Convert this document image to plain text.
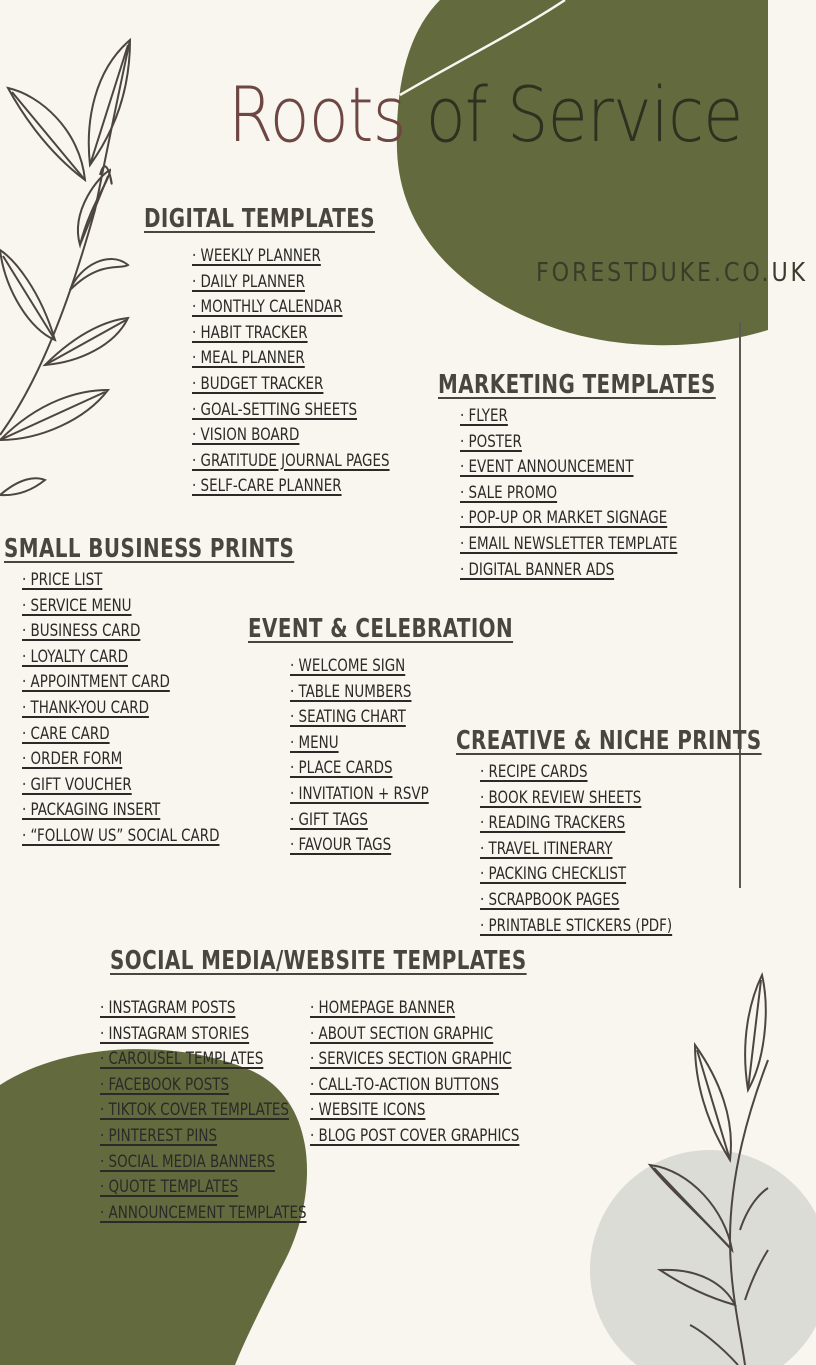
Roots of Service
FORESTDUKE.CO.UK
DIGITAL TEMPLATES
· WEEKLY PLANNER
· DAILY PLANNER
· MONTHLY CALENDAR
· HABIT TRACKER
· MEAL PLANNER
· BUDGET TRACKER
· GOAL-SETTING SHEETS
· VISION BOARD
· GRATITUDE JOURNAL PAGES
· SELF-CARE PLANNER
MARKETING TEMPLATES
· FLYER
· POSTER
· EVENT ANNOUNCEMENT
· SALE PROMO
· POP-UP OR MARKET SIGNAGE
· EMAIL NEWSLETTER TEMPLATE
· DIGITAL BANNER ADS
SMALL BUSINESS PRINTS
· PRICE LIST
· SERVICE MENU
· BUSINESS CARD
· LOYALTY CARD
· APPOINTMENT CARD
· THANK-YOU CARD
· CARE CARD
· ORDER FORM
· GIFT VOUCHER
· PACKAGING INSERT
· “FOLLOW US” SOCIAL CARD
EVENT & CELEBRATION
· WELCOME SIGN
· TABLE NUMBERS
· SEATING CHART
· MENU
· PLACE CARDS
· INVITATION + RSVP
· GIFT TAGS
· FAVOUR TAGS
CREATIVE & NICHE PRINTS
· RECIPE CARDS
· BOOK REVIEW SHEETS
· READING TRACKERS
· TRAVEL ITINERARY
· PACKING CHECKLIST
· SCRAPBOOK PAGES
· PRINTABLE STICKERS (PDF)
SOCIAL MEDIA/WEBSITE TEMPLATES
· INSTAGRAM POSTS
· INSTAGRAM STORIES
· CAROUSEL TEMPLATES
· FACEBOOK POSTS
· TIKTOK COVER TEMPLATES
· PINTEREST PINS
· SOCIAL MEDIA BANNERS
· QUOTE TEMPLATES
· ANNOUNCEMENT TEMPLATES
· HOMEPAGE BANNER
· ABOUT SECTION GRAPHIC
· SERVICES SECTION GRAPHIC
· CALL-TO-ACTION BUTTONS
· WEBSITE ICONS
· BLOG POST COVER GRAPHICS
